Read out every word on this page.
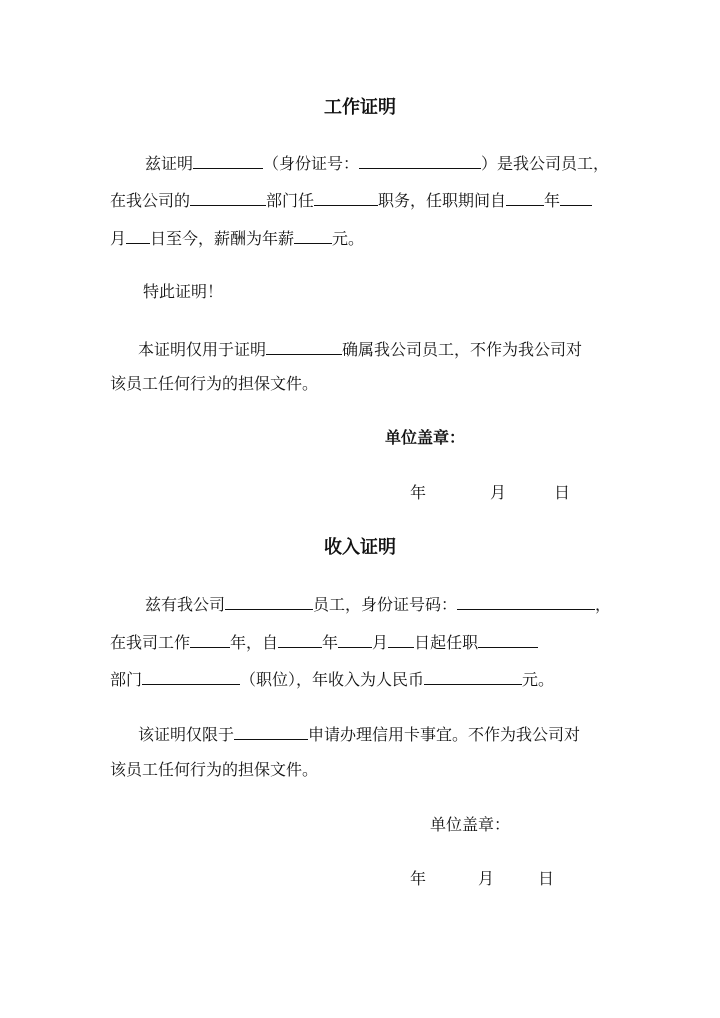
工作证明
兹证明	（身份证号：	）是我公司员工，
在我公司的	部门任	职务，任职期间自 年
月 日至今，薪酬为年薪 元。
特此证明！
本证明仅用于证明	确属我公司员工，不作为我公司对
该员工任何行为的担保文件。
单位盖章：
年	月	日
收入证明
兹有我公司	员工，身份证号码：	，
在我司工作	年，自	年 月 日起任职
部门	（职位），年收入为人民币	元。
该证明仅限于	申请办理信用卡事宜。不作为我公司对
该员工任何行为的担保文件。
单位盖章：
年	月	日
